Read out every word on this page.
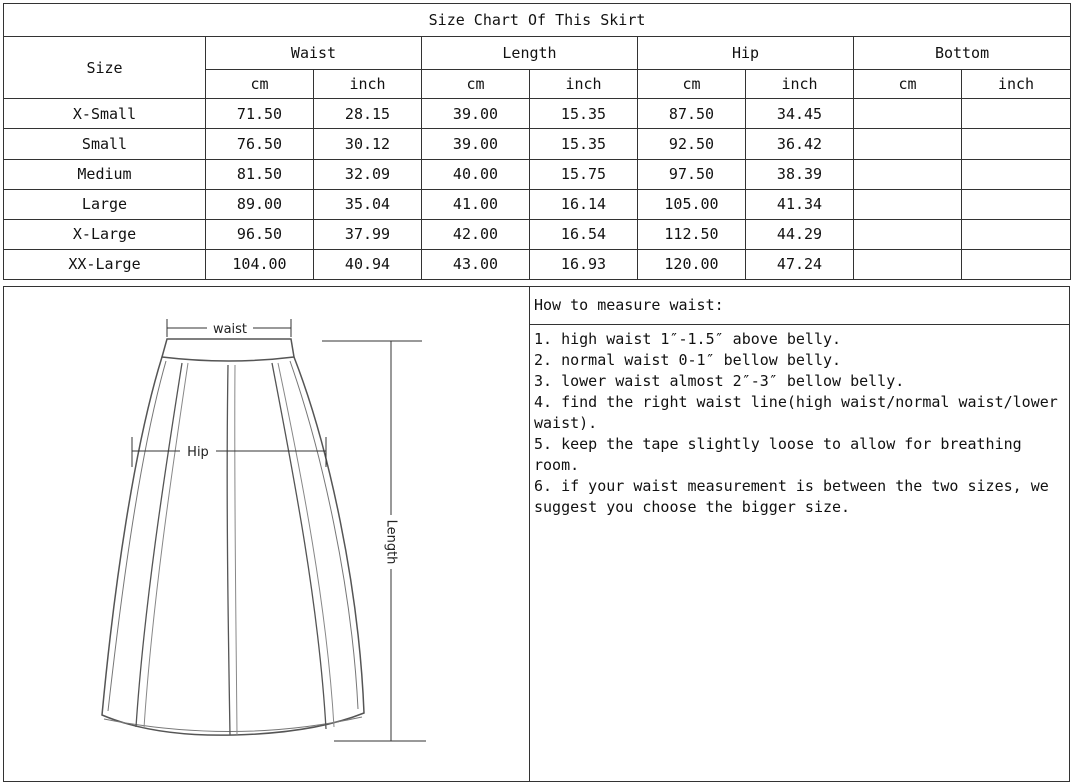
Size Chart Of This Skirt								
Size	Waist		Length		Hip		Bottom	
	cm	inch	cm	inch	cm	inch	cm	inch
X-Small	71.50	28.15	39.00	15.35	87.50	34.45		
Small	76.50	30.12	39.00	15.35	92.50	36.42		
Medium	81.50	32.09	40.00	15.75	97.50	38.39		
Large	89.00	35.04	41.00	16.14	105.00	41.34		
X-Large	96.50	37.99	42.00	16.54	112.50	44.29		
XX-Large	104.00	40.94	43.00	16.93	120.00	47.24		
waist
Hip
Length
How to measure waist:
1. high waist 1″-1.5″ above belly.
2. normal waist 0-1″ bellow belly.
3. lower waist almost 2″-3″ bellow belly.
4. find the right waist line(high waist/normal waist/lower waist).
5. keep the tape slightly loose to allow for breathing room.
6. if your waist measurement is between the two sizes, we suggest you choose the bigger size.
